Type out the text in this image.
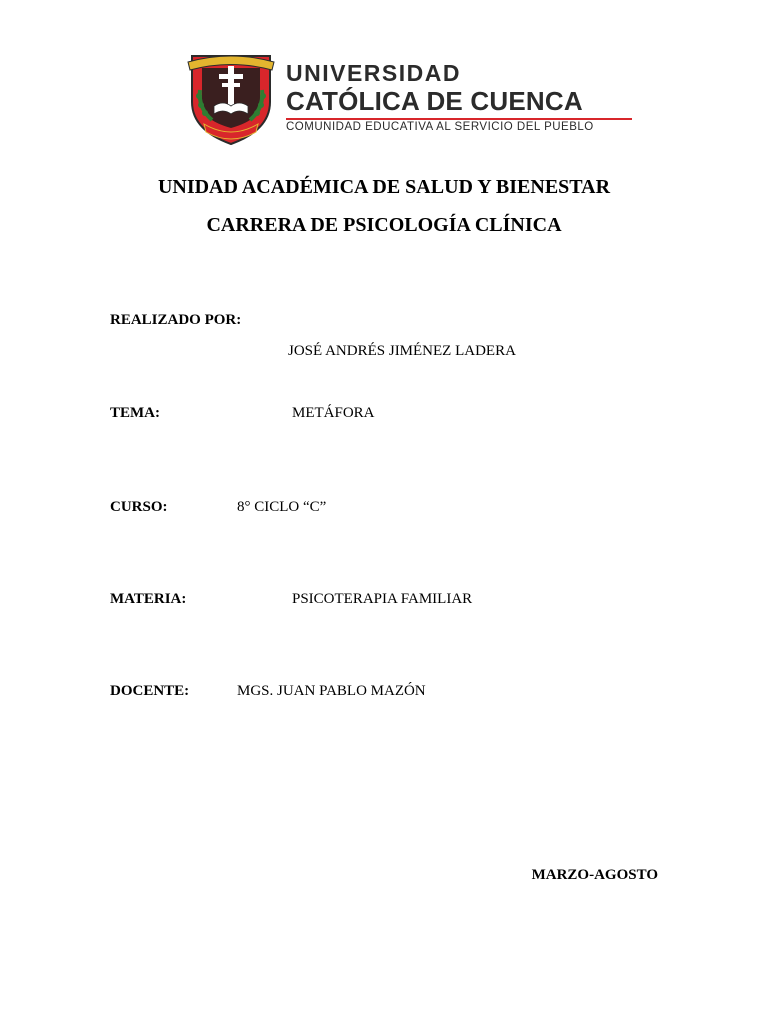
UNIVERSIDAD
CATÓLICA DE CUENCA
COMUNIDAD EDUCATIVA AL SERVICIO DEL PUEBLO
UNIDAD ACADÉMICA DE SALUD Y BIENESTAR
CARRERA DE PSICOLOGÍA CLÍNICA
REALIZADO POR:
JOSÉ ANDRÉS JIMÉNEZ LADERA
TEMA:	METÁFORA
CURSO:	8° CICLO “C”
MATERIA:	PSICOTERAPIA FAMILIAR
DOCENTE:	MGS. JUAN PABLO MAZÓN
MARZO-AGOSTO
